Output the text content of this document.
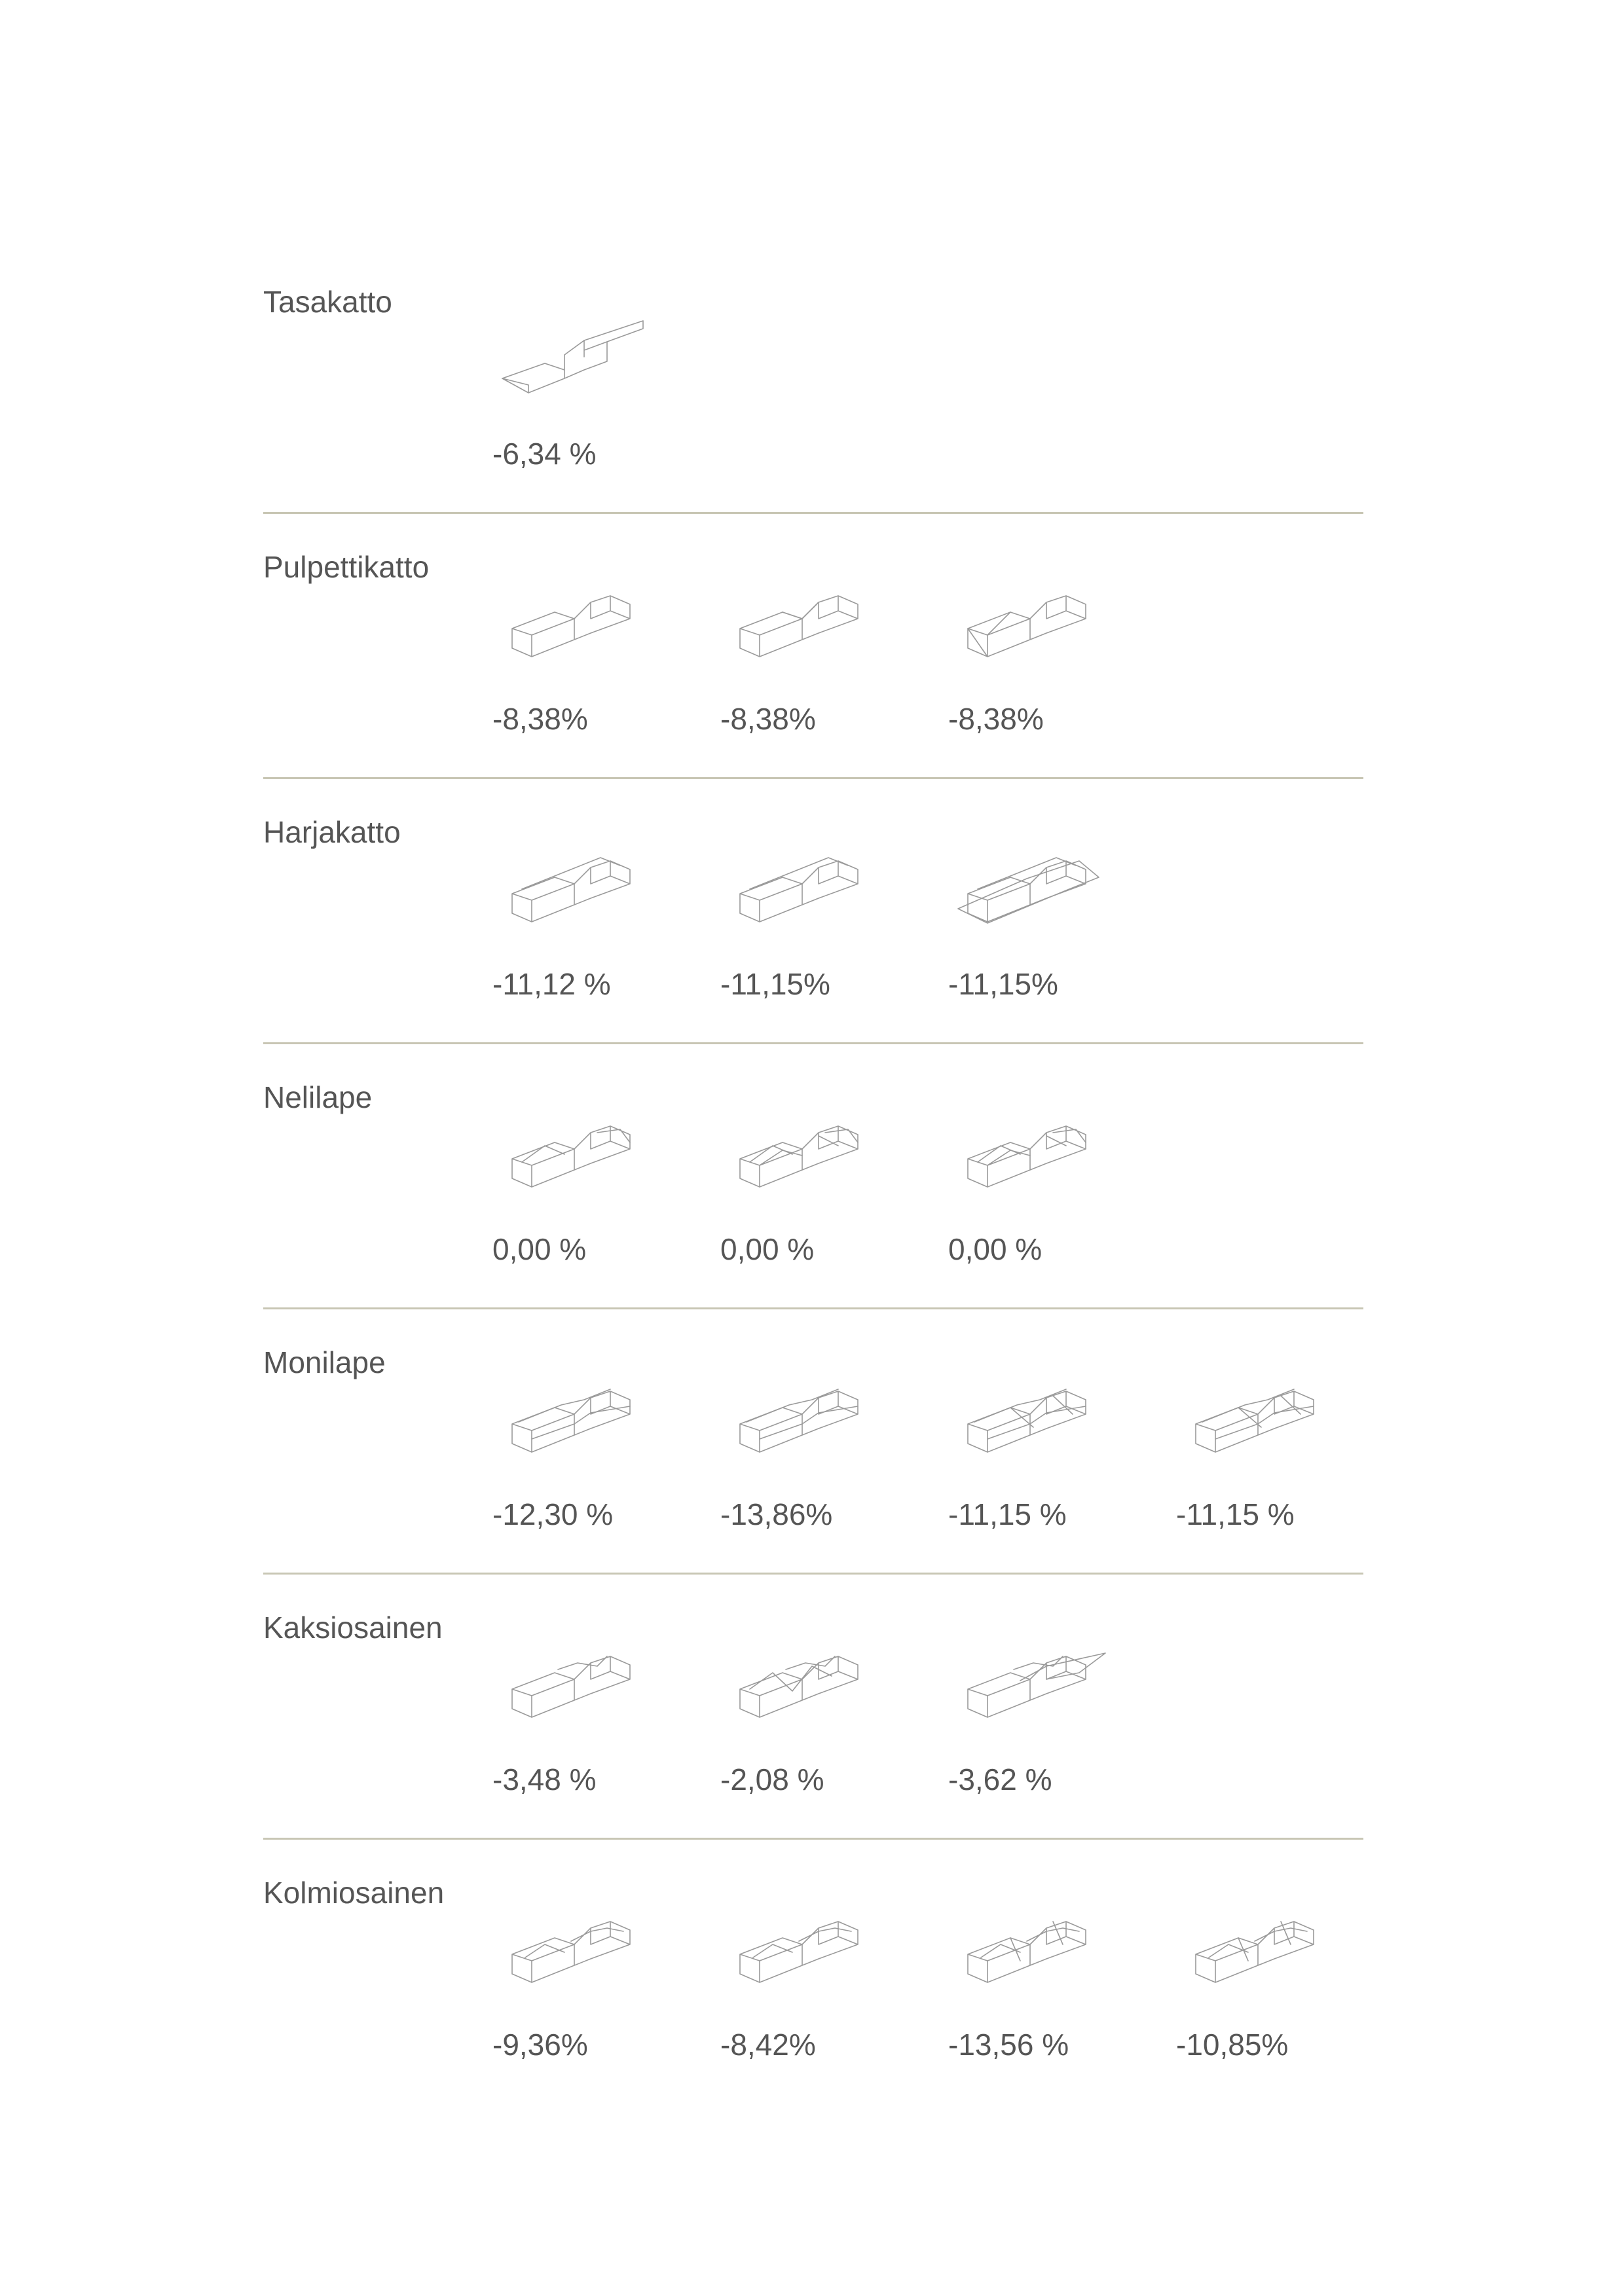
Tasakatto
-6,34 %
Pulpettikatto
-8,38%	-8,38%	-8,38%
Harjakatto
-11,12 %	-11,15%	-11,15%
Nelilape
0,00 %	0,00 %	0,00 %
Monilape
-12,30 %	-13,86%	-11,15 %	-11,15 %
Kaksiosainen
-3,48 %	-2,08 %	-3,62 %
Kolmiosainen
-9,36%	-8,42%	-13,56 %	-10,85%
